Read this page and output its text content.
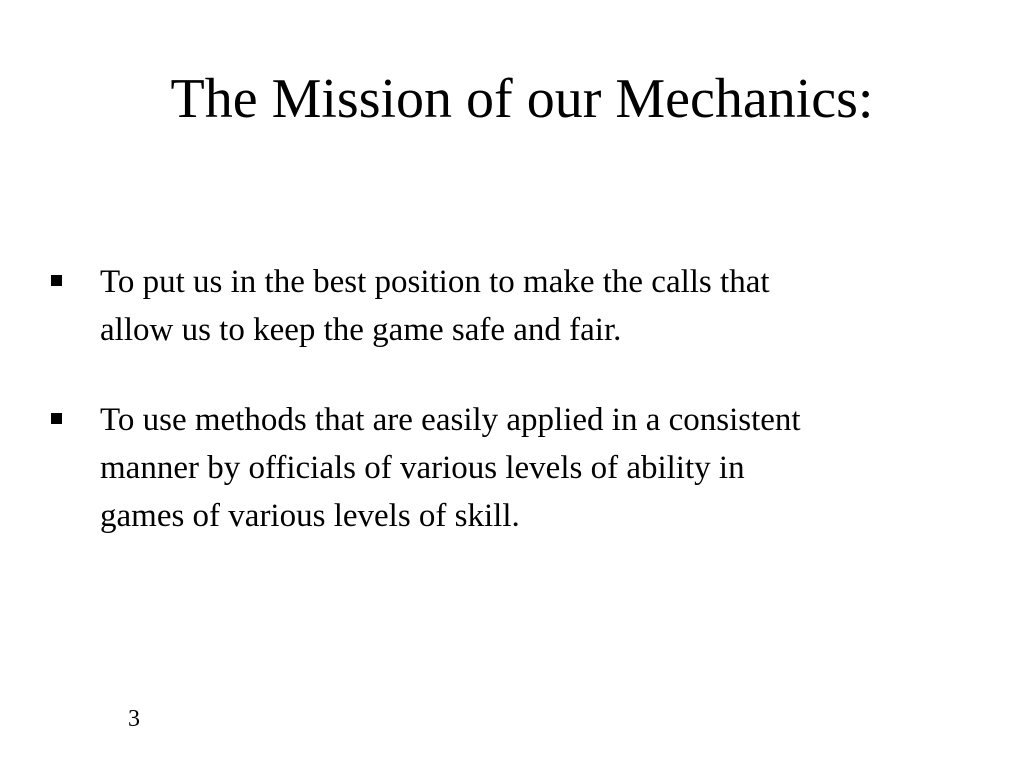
The Mission of our Mechanics:

To put us in the best position to make the calls that
allow us to keep the game safe and fair.

To use methods that are easily applied in a consistent
manner by officials of various levels of ability in
games of various levels of skill.

3
